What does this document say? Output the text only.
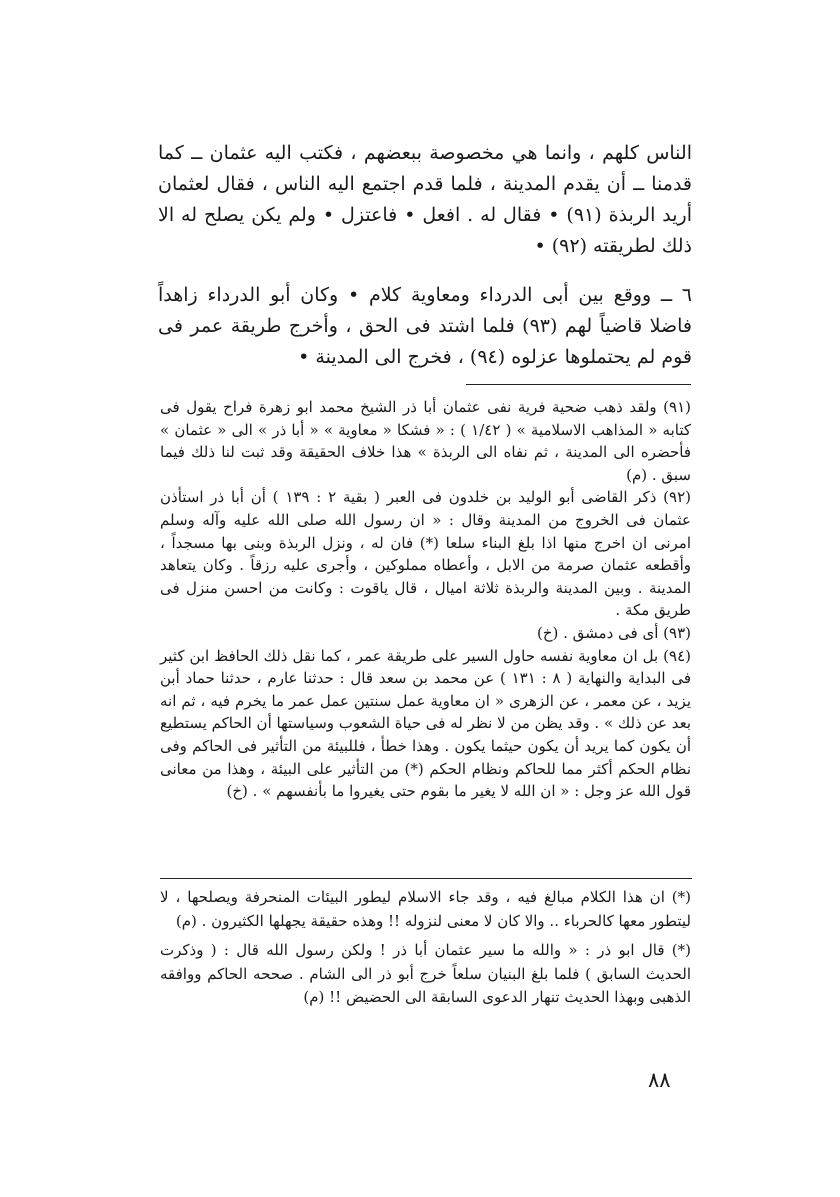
الناس كلهم ، وانما هي مخصوصة ببعضهم ، فكتب اليه عثمان ــ كما قدمنا ــ أن يقدم المدينة ، فلما قدم اجتمع اليه الناس ، فقال لعثمان أريد الربذة (٩١) • فقال له . افعل • فاعتزل • ولم يكن يصلح له الا ذلك لطريقته (٩٢) •

٦ ــ ووقع بين أبى الدرداء ومعاوية كلام • وكان أبو الدرداء زاهداً فاضلا قاضياً لهم (٩٣) فلما اشتد فى الحق ، وأخرج طريقة عمر فى قوم لم يحتملوها عزلوه (٩٤) ، فخرج الى المدينة •

(٩١) ولقد ذهب ضحية فرية نفى عثمان أبا ذر الشيخ محمد ابو زهرة فراح يقول فى كتابه « المذاهب الاسلامية » ( ١/٤٢ ) : « فشكا « معاوية » « أبا ذر » الى « عثمان » فأحضره الى المدينة ، ثم نفاه الى الربذة » هذا خلاف الحقيقة وقد ثبت لنا ذلك فيما سبق . (م)

(٩٢) ذكر القاضى أبو الوليد بن خلدون فى العبر ( بقية ٢ : ١٣٩ ) أن أبا ذر استأذن عثمان فى الخروج من المدينة وقال : « ان رسول الله صلى الله عليه وآله وسلم امرنى ان اخرج منها اذا بلغ البناء سلعا (*) فان له ، ونزل الربذة وبنى بها مسجداً ، وأقطعه عثمان صرمة من الابل ، وأعطاه مملوكين ، وأجرى عليه رزقاً . وكان يتعاهد المدينة . وبين المدينة والربذة ثلاثة اميال ، قال ياقوت : وكانت من احسن منزل فى طريق مكة .

(٩٣) أى فى دمشق . (خ)

(٩٤) بل ان معاوية نفسه حاول السير على طريقة عمر ، كما نقل ذلك الحافظ ابن كثير فى البداية والنهاية ( ٨ : ١٣١ ) عن محمد بن سعد قال : حدثنا عارم ، حدثنا حماد أبن يزيد ، عن معمر ، عن الزهرى « ان معاوية عمل سنتين عمل عمر ما يخرم فيه ، ثم انه بعد عن ذلك » . وقد يظن من لا نظر له فى حياة الشعوب وسياستها أن الحاكم يستطيع أن يكون كما يريد أن يكون حيثما يكون . وهذا خطأ ، فللبيئة من التأثير فى الحاكم وفى نظام الحكم أكثر مما للحاكم ونظام الحكم (*) من التأثير على البيئة ، وهذا من معانى قول الله عز وجل : « ان الله لا يغير ما بقوم حتى يغيروا ما بأنفسهم » . (خ)

(*) ان هذا الكلام مبالغ فيه ، وقد جاء الاسلام ليطور البيئات المنحرفة ويصلحها ، لا ليتطور معها كالحرباء .. والا كان لا معنى لنزوله !! وهذه حقيقة يجهلها الكثيرون . (م)

(*) قال ابو ذر : « والله ما سير عثمان أبا ذر ! ولكن رسول الله قال : ( وذكرت الحديث السابق ) فلما بلغ البنيان سلعاً خرج أبو ذر الى الشام . صححه الحاكم ووافقه الذهبى وبهذا الحديث تنهار الدعوى السابقة الى الحضيض !! (م)

٨٨
